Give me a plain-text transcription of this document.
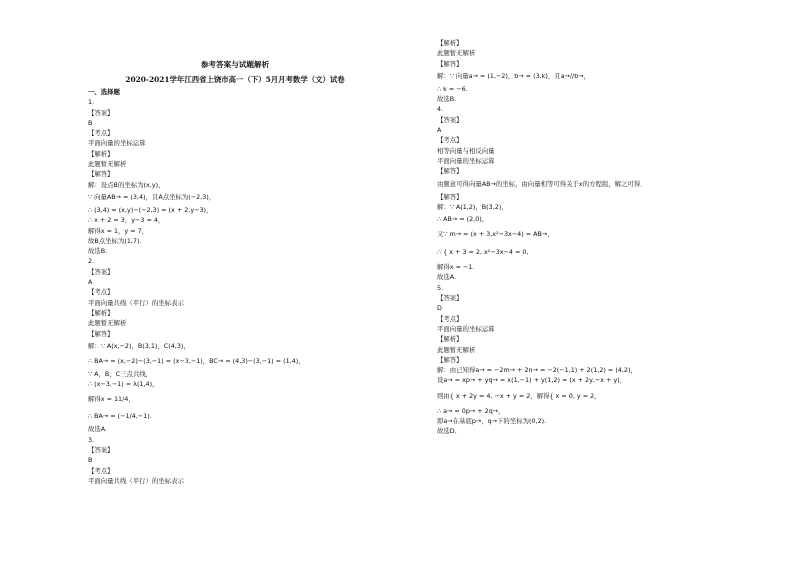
参考答案与试题解析
2020-2021学年江西省上饶市高一（下）5月月考数学（文）试卷
一、选择题
1.
【答案】
B
【考点】
平面向量的坐标运算
【解析】
此题暂无解析
【解答】
解：设点B的坐标为(x,y)，
∵ 向量AB→ = (3,4)，且A点坐标为(−2,3)，
∴ (3,4) = (x,y)−(−2,3) = (x + 2,y−3)，
∴ x + 2 = 3，y−3 = 4，
解得x = 1，y = 7，
故B点坐标为(1,7).
故选B.
2.
【答案】
A
【考点】
平面向量共线（平行）的坐标表示
【解析】
此题暂无解析
【解答】
解：∵ A(x,−2)，B(3,1)，C(4,3)，
∴ BA→ = (x,−2)−(3,−1) = (x−3,−1)，BC→ = (4,3)−(3,−1) = (1,4)，
∵ A，B，C三点共线，
∴ (x−3,−1) = λ(1,4)，
解得x = 11/4，
∴ BA→ = (−1/4,−1).
故选A.
3.
【答案】
B
【考点】
平面向量共线（平行）的坐标表示
【解析】
此题暂无解析
【解答】
解：∵ 向量a→ = (1,−2)，b→ = (3,k)，且a→//b→，
∴ k = −6.
故选B.
4.
【答案】
A
【考点】
相等向量与相反向量
平面向量的坐标运算
【解答】
由题意可得向量AB→的坐标，由向量相等可得关于x的方程组，解之可得．
【解答】
解：∵ A(1,2)，B(3,2)，
∴ AB→ = (2,0)，
又∵ m→ = (x + 3,x²−3x−4) = AB→，
∴ { x + 3 = 2, x²−3x−4 = 0,
解得x = −1.
故选A.
5.
【答案】
D
【考点】
平面向量的坐标运算
【解析】
此题暂无解析
【解答】
解：由已知得a→ = −2m→ + 2n→ = −2(−1,1) + 2(1,2) = (4,2)，
设a→ = xp→ + yq→ = x(1,−1) + y(1,2) = (x + 2y,−x + y)，
则由{ x + 2y = 4, −x + y = 2，解得{ x = 0, y = 2，
∴ a→ = 0p→ + 2q→，
即a→在基底p→，q→下的坐标为(0,2).
故选D.
